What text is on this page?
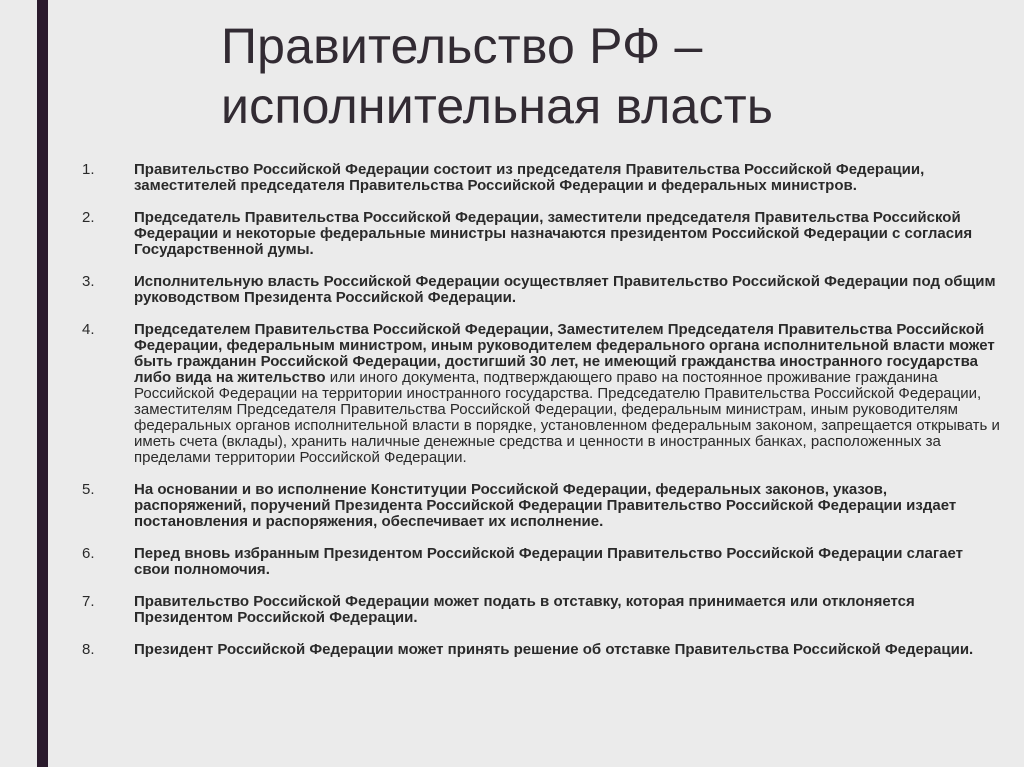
Правительство РФ –
исполнительная власть
1.	Правительство Российской Федерации состоит из председателя Правительства Российской Федерации, заместителей председателя Правительства Российской Федерации и федеральных министров.
2.	Председатель Правительства Российской Федерации, заместители председателя Правительства Российской Федерации и некоторые федеральные министры назначаются президентом Российской Федерации с согласия Государственной думы.
3.	Исполнительную власть Российской Федерации осуществляет Правительство Российской Федерации под общим руководством Президента Российской Федерации.
4.	Председателем Правительства Российской Федерации, Заместителем Председателя Правительства Российской Федерации, федеральным министром, иным руководителем федерального органа исполнительной власти может быть гражданин Российской Федерации, достигший 30 лет, не имеющий гражданства иностранного государства либо вида на жительство или иного документа, подтверждающего право на постоянное проживание гражданина Российской Федерации на территории иностранного государства. Председателю Правительства Российской Федерации, заместителям Председателя Правительства Российской Федерации, федеральным министрам, иным руководителям федеральных органов исполнительной власти в порядке, установленном федеральным законом, запрещается открывать и иметь счета (вклады), хранить наличные денежные средства и ценности в иностранных банках, расположенных за пределами территории Российской Федерации.
5.	На основании и во исполнение Конституции Российской Федерации, федеральных законов, указов, распоряжений, поручений Президента Российской Федерации Правительство Российской Федерации издает постановления и распоряжения, обеспечивает их исполнение.
6.	Перед вновь избранным Президентом Российской Федерации Правительство Российской Федерации слагает свои полномочия.
7.	Правительство Российской Федерации может подать в отставку, которая принимается или отклоняется Президентом Российской Федерации.
8.	Президент Российской Федерации может принять решение об отставке Правительства Российской Федерации.
